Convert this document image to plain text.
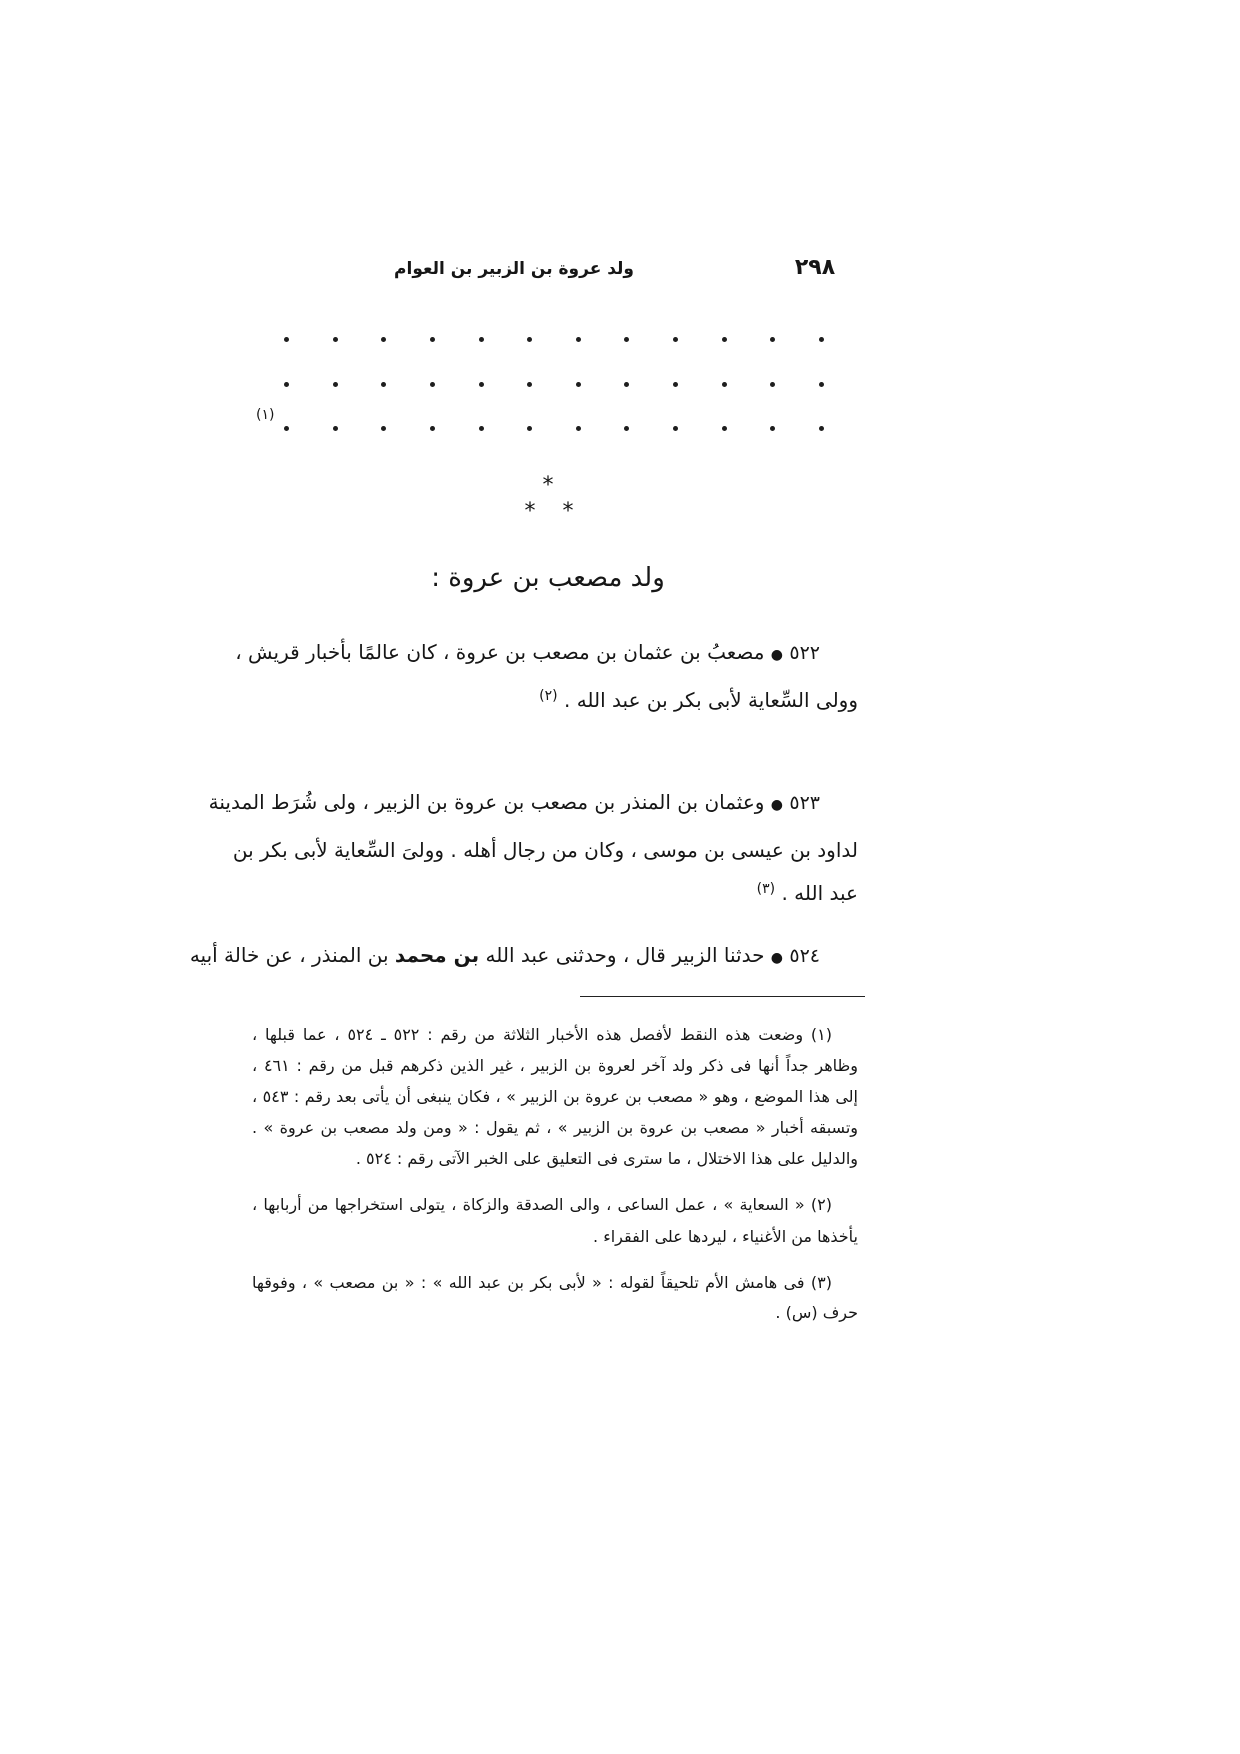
٢٩٨
ولد عروة بن الزبير بن العوام
(١)
*
* *
ولد مصعب بن عروة :
٥٢٢ ● مصعبُ بن عثمان بن مصعب بن عروة ، كان عالمًا بأخبار قريش ،
وولى السِّعاية لأبى بكر بن عبد الله . $^{(٢)}$
٥٢٣ ● وعثمان بن المنذر بن مصعب بن عروة بن الزبير ، ولى شُرَط المدينة
لداود بن عيسى بن موسى ، وكان من رجال أهله . وولىَ السِّعاية لأبى بكر بن
عبد الله . $^{(٣)}$
٥٢٤ ● حدثنا الزبير قال ، وحدثنى عبد الله بن محمد بن المنذر ، عن خالة أبيه
(١) وضعت هذه النقط لأفصل هذه الأخبار الثلاثة من رقم : ٥٢٢ ـ ٥٢٤ ، عما قبلها ،
وظاهر جداً أنها فى ذكر ولد آخر لعروة بن الزبير ، غير الذين ذكرهم قبل من رقم : ٤٦١ ،
إلى هذا الموضع ، وهو « مصعب بن عروة بن الزبير » ، فكان ينبغى أن يأتى بعد رقم : ٥٤٣ ،
وتسبقه أخبار « مصعب بن عروة بن الزبير » ، ثم يقول : « ومن ولد مصعب بن عروة » .
والدليل على هذا الاختلال ، ما سترى فى التعليق على الخبر الآتى رقم : ٥٢٤ .
(٢) « السعاية » ، عمل الساعى ، والى الصدقة والزكاة ، يتولى استخراجها من أربابها ،
يأخذها من الأغنياء ، ليردها على الفقراء .
(٣) فى هامش الأم تلحيقاً لقوله : « لأبى بكر بن عبد الله » : « بن مصعب » ، وفوقها
حرف (س) .
